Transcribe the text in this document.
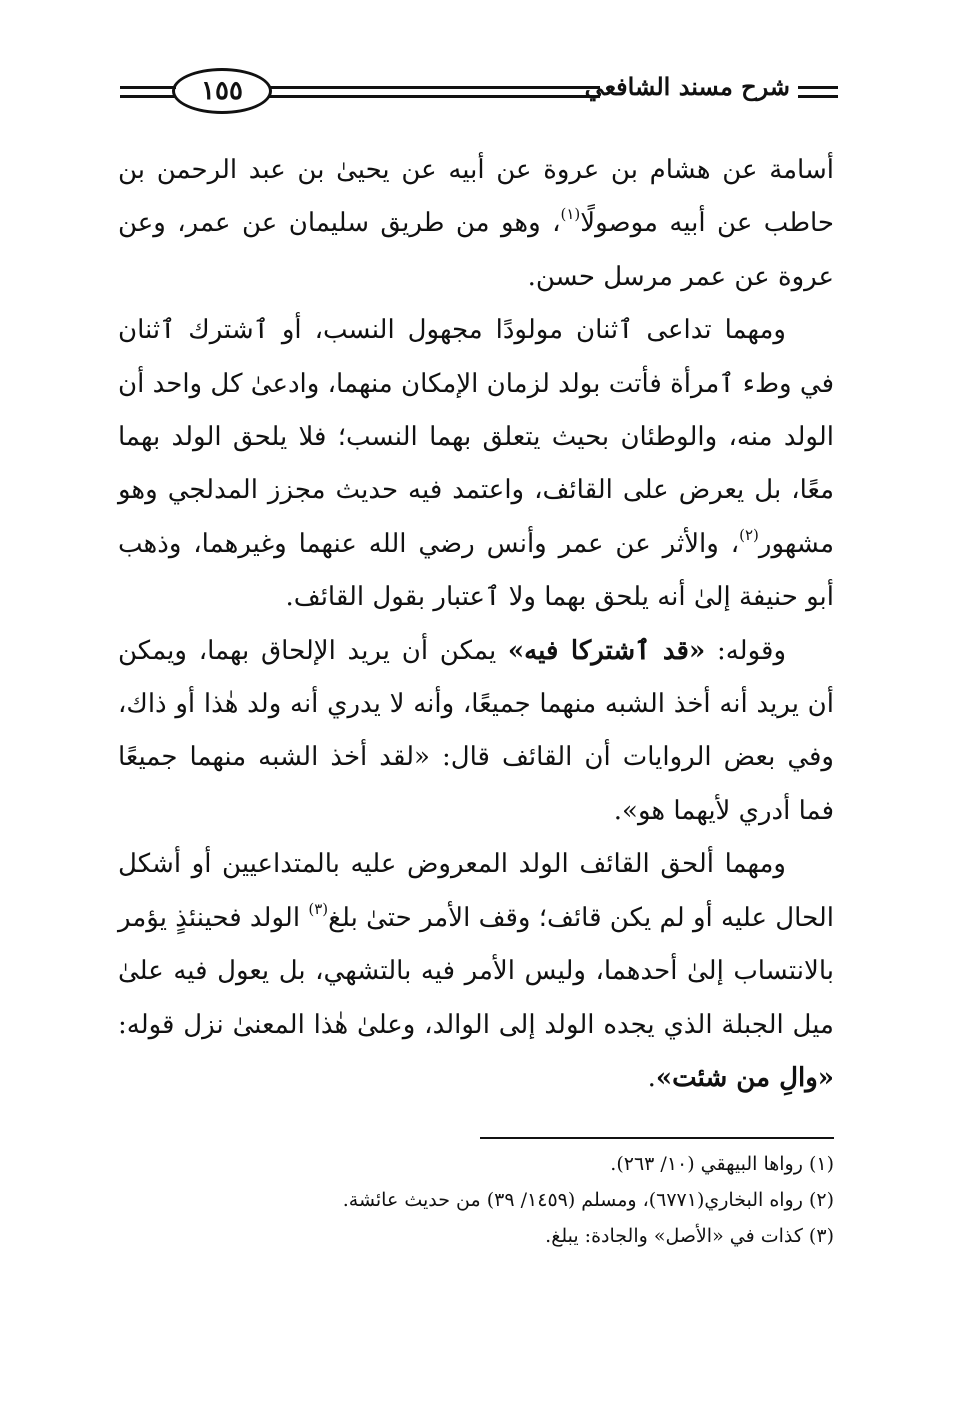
شرح مسند الشافعي
١٥٥

أسامة عن هشام بن عروة عن أبيه عن يحيىٰ بن عبد الرحمن بن حاطب عن أبيه موصولًا$^{(١)}$، وهو من طريق سليمان عن عمر، وعن عروة عن عمر مرسل حسن.

ومهما تداعى ٱثنان مولودًا مجهول النسب، أو ٱشترك ٱثنان في وطء ٱمرأة فأتت بولد لزمان الإمكان منهما، وادعىٰ كل واحد أن الولد منه، والوطئان بحيث يتعلق بهما النسب؛ فلا يلحق الولد بهما معًا، بل يعرض على القائف، واعتمد فيه حديث مجزز المدلجي وهو مشهور$^{(٢)}$، والأثر عن عمر وأنس رضي الله عنهما وغيرهما، وذهب أبو حنيفة إلىٰ أنه يلحق بهما ولا ٱعتبار بقول القائف.

وقوله: «قد ٱشتركا فيه» يمكن أن يريد الإلحاق بهما، ويمكن أن يريد أنه أخذ الشبه منهما جميعًا، وأنه لا يدري أنه ولد هٰذا أو ذاك، وفي بعض الروايات أن القائف قال: «لقد أخذ الشبه منهما جميعًا فما أدري لأيهما هو».

ومهما ألحق القائف الولد المعروض عليه بالمتداعيين أو أشكل الحال عليه أو لم يكن قائف؛ وقف الأمر حتىٰ بلغ$^{(٣)}$ الولد فحينئذٍ يؤمر بالانتساب إلىٰ أحدهما، وليس الأمر فيه بالتشهي، بل يعول فيه علىٰ ميل الجبلة الذي يجده الولد إلى الوالد، وعلىٰ هٰذا المعنىٰ نزل قوله: «والِ من شئت».

(١) رواها البيهقي (١٠/ ٢٦٣).

(٢) رواه البخاري(٦٧٧١)، ومسلم (١٤٥٩/ ٣٩) من حديث عائشة.

(٣) كذات في «الأصل» والجادة: يبلغ.
